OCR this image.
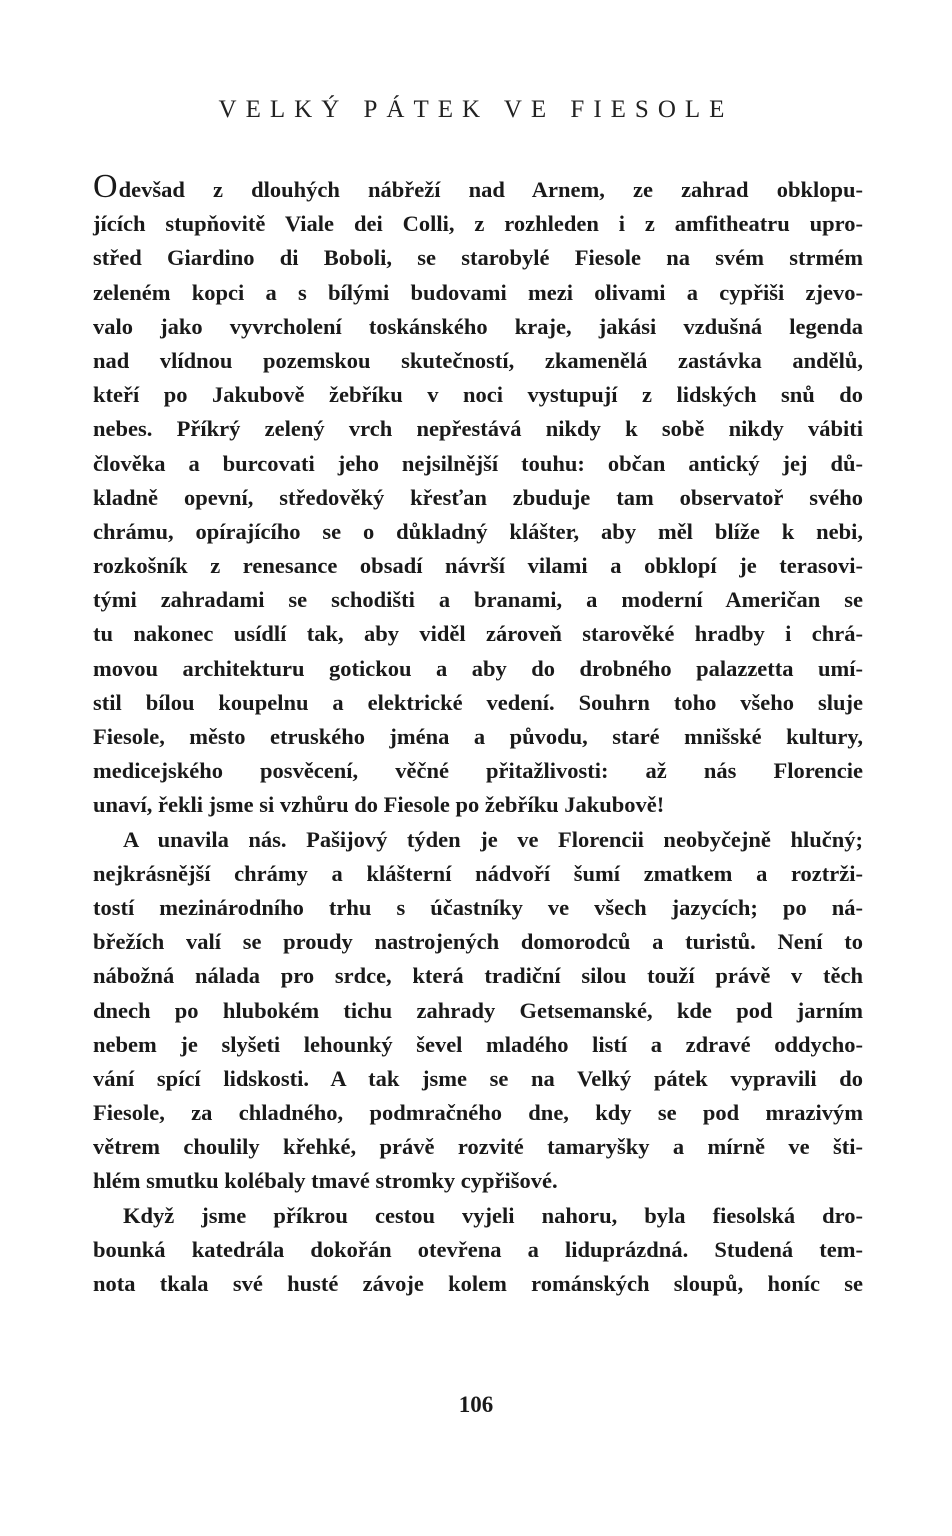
VELKÝ PÁTEK VE FIESOLE
Odevšad z dlouhých nábřeží nad Arnem, ze zahrad obklopu-
jících stupňovitě Viale dei Colli, z rozhleden i z amfitheatru upro-
střed Giardino di Boboli, se starobylé Fiesole na svém strmém
zeleném kopci a s bílými budovami mezi olivami a cypřiši zjevo-
valo jako vyvrcholení toskánského kraje, jakási vzdušná legenda
nad vlídnou pozemskou skutečností, zkamenělá zastávka andělů,
kteří po Jakubově žebříku v noci vystupují z lidských snů do
nebes. Příkrý zelený vrch nepřestává nikdy k sobě nikdy vábiti
člověka a burcovati jeho nejsilnější touhu: občan antický jej dů-
kladně opevní, středověký křesťan zbuduje tam observatoř svého
chrámu, opírajícího se o důkladný klášter, aby měl blíže k nebi,
rozkošník z renesance obsadí návrší vilami a obklopí je terasovi-
tými zahradami se schodišti a branami, a moderní Američan se
tu nakonec usídlí tak, aby viděl zároveň starověké hradby i chrá-
movou architekturu gotickou a aby do drobného palazzetta umí-
stil bílou koupelnu a elektrické vedení. Souhrn toho všeho sluje
Fiesole, město etruského jména a původu, staré mnišské kultury,
medicejského posvěcení, věčné přitažlivosti: až nás Florencie
unaví, řekli jsme si vzhůru do Fiesole po žebříku Jakubově!
A unavila nás. Pašijový týden je ve Florencii neobyčejně hlučný;
nejkrásnější chrámy a klášterní nádvoří šumí zmatkem a roztrži-
tostí mezinárodního trhu s účastníky ve všech jazycích; po ná-
břežích valí se proudy nastrojených domorodců a turistů. Není to
nábožná nálada pro srdce, která tradiční silou touží právě v těch
dnech po hlubokém tichu zahrady Getsemanské, kde pod jarním
nebem je slyšeti lehounký ševel mladého listí a zdravé oddycho-
vání spící lidskosti. A tak jsme se na Velký pátek vypravili do
Fiesole, za chladného, podmračného dne, kdy se pod mrazivým
větrem choulily křehké, právě rozvité tamaryšky a mírně ve šti-
hlém smutku kolébaly tmavé stromky cypřišové.
Když jsme příkrou cestou vyjeli nahoru, byla fiesolská dro-
bounká katedrála dokořán otevřena a liduprázdná. Studená tem-
nota tkala své husté závoje kolem románských sloupů, honíc se
106
